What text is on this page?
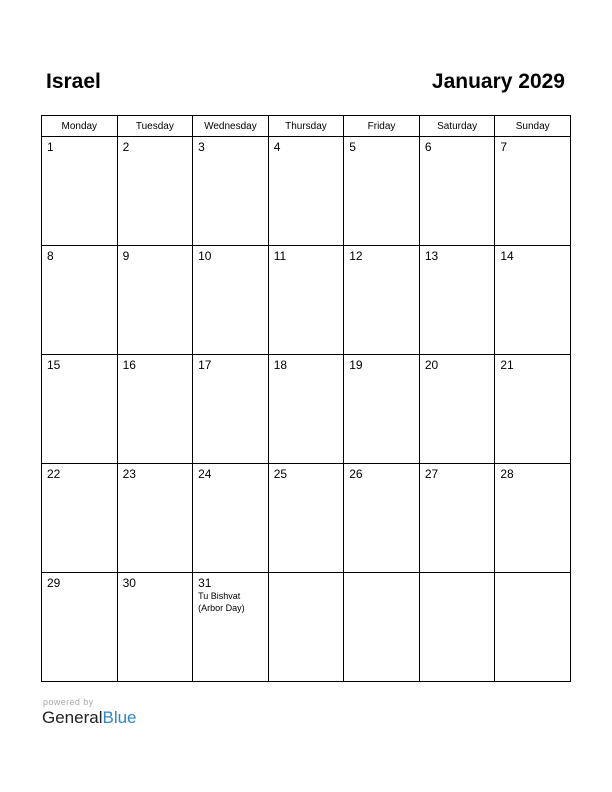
Israel	January 2029
Monday	Tuesday	Wednesday	Thursday	Friday	Saturday	Sunday

1	2	3	4	5	6	7

8	9	10	11	12	13	14

15	16	17	18	19	20	21

22	23	24	25	26	27	28

29	30	31
Tu Bishvat
(Arbor Day)				

powered by
GeneralBlue
